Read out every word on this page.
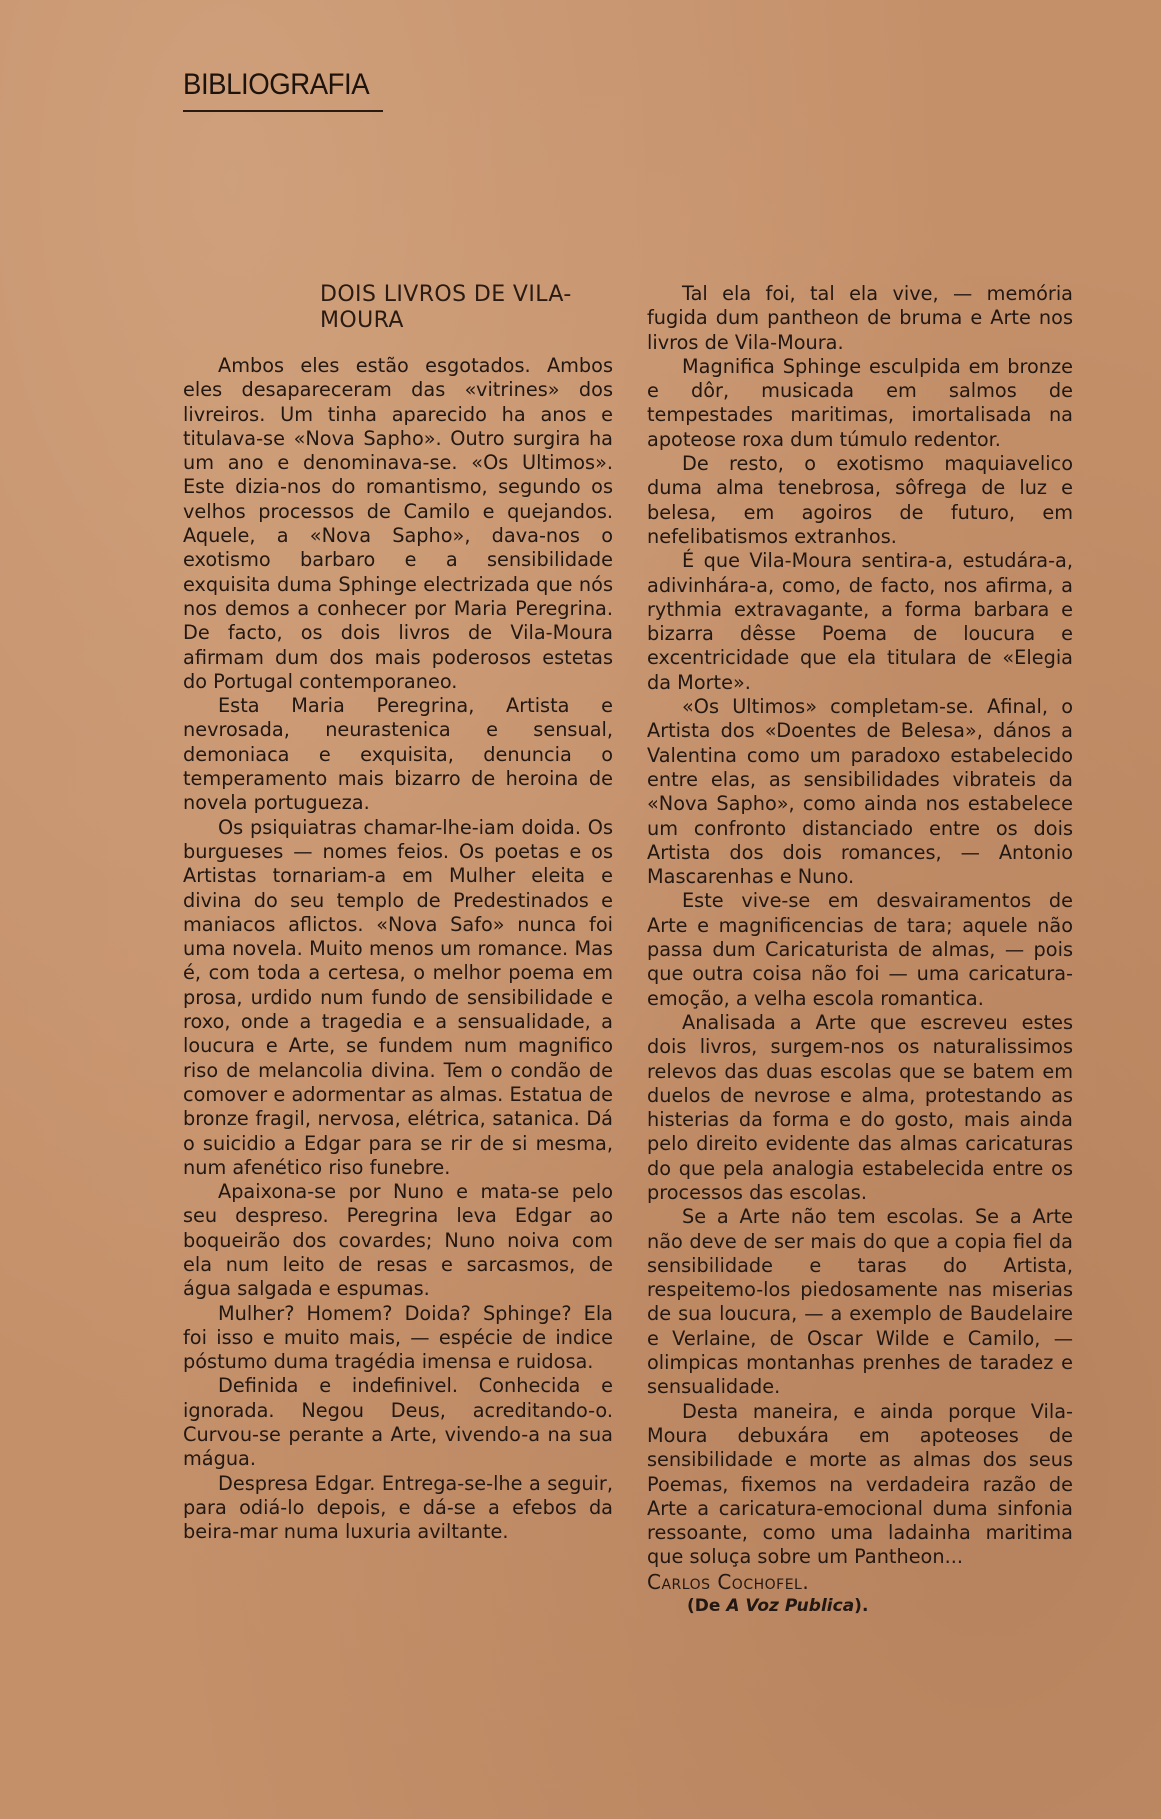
BIBLIOGRAFIA
DOIS LIVROS DE VILA-MOURA

Ambos eles estão esgotados. Ambos eles desapareceram das «vitrines» dos livreiros. Um tinha aparecido ha anos e titulava-se «Nova Sapho». Outro surgira ha um ano e denominava-se. «Os Ultimos». Este dizia-nos do romantismo, segundo os velhos processos de Camilo e quejandos. Aquele, a «Nova Sapho», dava-nos o exotismo barbaro e a sensibilidade exquisita duma Sphinge electrizada que nós nos demos a conhecer por Maria Peregrina. De facto, os dois livros de Vila-Moura afirmam dum dos mais poderosos estetas do Portugal contemporaneo.

Esta Maria Peregrina, Artista e nevrosada, neurastenica e sensual, demoniaca e exquisita, denuncia o temperamento mais bizarro de heroina de novela portugueza.

Os psiquiatras chamar-lhe-iam doida. Os burgueses — nomes feios. Os poetas e os Artistas tornariam-a em Mulher eleita e divina do seu templo de Predestinados e maniacos aflictos. «Nova Safo» nunca foi uma novela. Muito menos um romance. Mas é, com toda a certesa, o melhor poema em prosa, urdido num fundo de sensibilidade e roxo, onde a tragedia e a sensualidade, a loucura e Arte, se fundem num magnifico riso de melancolia divina. Tem o condão de comover e adormentar as almas. Estatua de bronze fragil, nervosa, elétrica, satanica. Dá o suicidio a Edgar para se rir de si mesma, num afenético riso funebre.

Apaixona-se por Nuno e mata-se pelo seu despreso. Peregrina leva Edgar ao boqueirão dos covardes; Nuno noiva com ela num leito de resas e sarcasmos, de água salgada e espumas.

Mulher? Homem? Doida? Sphinge? Ela foi isso e muito mais, — espécie de indice póstumo duma tragédia imensa e ruidosa.

Definida e indefinivel. Conhecida e ignorada. Negou Deus, acreditando-o. Curvou-se perante a Arte, vivendo-a na sua mágua.

Despresa Edgar. Entrega-se-lhe a seguir, para odiá-lo depois, e dá-se a efebos da beira-mar numa luxuria aviltante.

Tal ela foi, tal ela vive, — memória fugida dum pantheon de bruma e Arte nos livros de Vila-Moura.

Magnifica Sphinge esculpida em bronze e dôr, musicada em salmos de tempestades maritimas, imortalisada na apoteose roxa dum túmulo redentor.

De resto, o exotismo maquiavelico duma alma tenebrosa, sôfrega de luz e belesa, em agoiros de futuro, em nefelibatismos extranhos.

É que Vila-Moura sentira-a, estudára-a, adivinhára-a, como, de facto, nos afirma, a rythmia extravagante, a forma barbara e bizarra dêsse Poema de loucura e excentricidade que ela titulara de «Elegia da Morte».

«Os Ultimos» completam-se. Afinal, o Artista dos «Doentes de Belesa», dános a Valentina como um paradoxo estabelecido entre elas, as sensibilidades vibrateis da «Nova Sapho», como ainda nos estabelece um confronto distanciado entre os dois Artista dos dois romances, — Antonio Mascarenhas e Nuno.

Este vive-se em desvairamentos de Arte e magnificencias de tara; aquele não passa dum Caricaturista de almas, — pois que outra coisa não foi — uma caricatura-emoção, a velha escola romantica.

Analisada a Arte que escreveu estes dois livros, surgem-nos os naturalissimos relevos das duas escolas que se batem em duelos de nevrose e alma, protestando as histerias da forma e do gosto, mais ainda pelo direito evidente das almas caricaturas do que pela analogia estabelecida entre os processos das escolas.

Se a Arte não tem escolas. Se a Arte não deve de ser mais do que a copia fiel da sensibilidade e taras do Artista, respeitemo-los piedosamente nas miserias de sua loucura, — a exemplo de Baudelaire e Verlaine, de Oscar Wilde e Camilo, — olimpicas montanhas prenhes de taradez e sensualidade.

Desta maneira, e ainda porque Vila-Moura debuxára em apoteoses de sensibilidade e morte as almas dos seus Poemas, fixemos na verdadeira razão de Arte a caricatura-emocional duma sinfonia ressoante, como uma ladainha maritima que soluça sobre um Pantheon...

Carlos Cochofel.

(De A Voz Publica).
